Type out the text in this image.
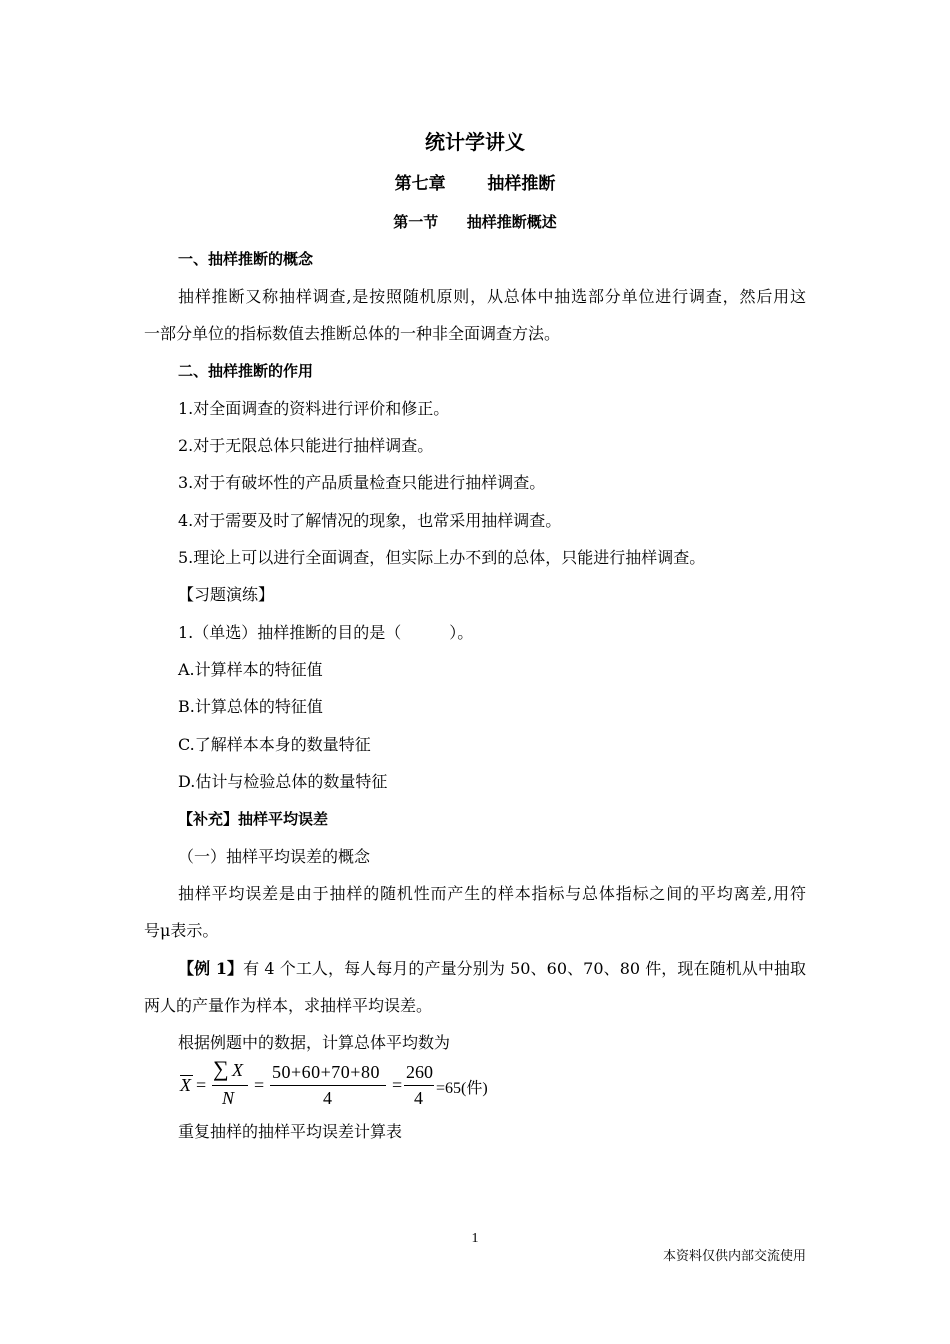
统计学讲义
第七章 抽样推断
第一节 抽样推断概述
一、抽样推断的概念
抽样推断又称抽样调查,是按照随机原则，从总体中抽选部分单位进行调查，然后用这
一部分单位的指标数值去推断总体的一种非全面调查方法。
二、抽样推断的作用
1.对全面调查的资料进行评价和修正。
2.对于无限总体只能进行抽样调查。
3.对于有破坏性的产品质量检查只能进行抽样调查。
4.对于需要及时了解情况的现象，也常采用抽样调查。
5.理论上可以进行全面调查，但实际上办不到的总体，只能进行抽样调查。
【习题演练】
1.（单选）抽样推断的目的是（　　　）。
A.计算样本的特征值
B.计算总体的特征值
C.了解样本本身的数量特征
D.估计与检验总体的数量特征
【补充】抽样平均误差
（一）抽样平均误差的概念
抽样平均误差是由于抽样的随机性而产生的样本指标与总体指标之间的平均离差,用符
号μ表示。
【例 1】有 4 个工人，每人每月的产量分别为 50、60、70、80 件，现在随机从中抽取
两人的产量作为样本，求抽样平均误差。
根据例题中的数据，计算总体平均数为
X =
∑ X
N
=
50+60+70+80
4
=
260
4 =65(件)
重复抽样的抽样平均误差计算表
1
本资料仅供内部交流使用
